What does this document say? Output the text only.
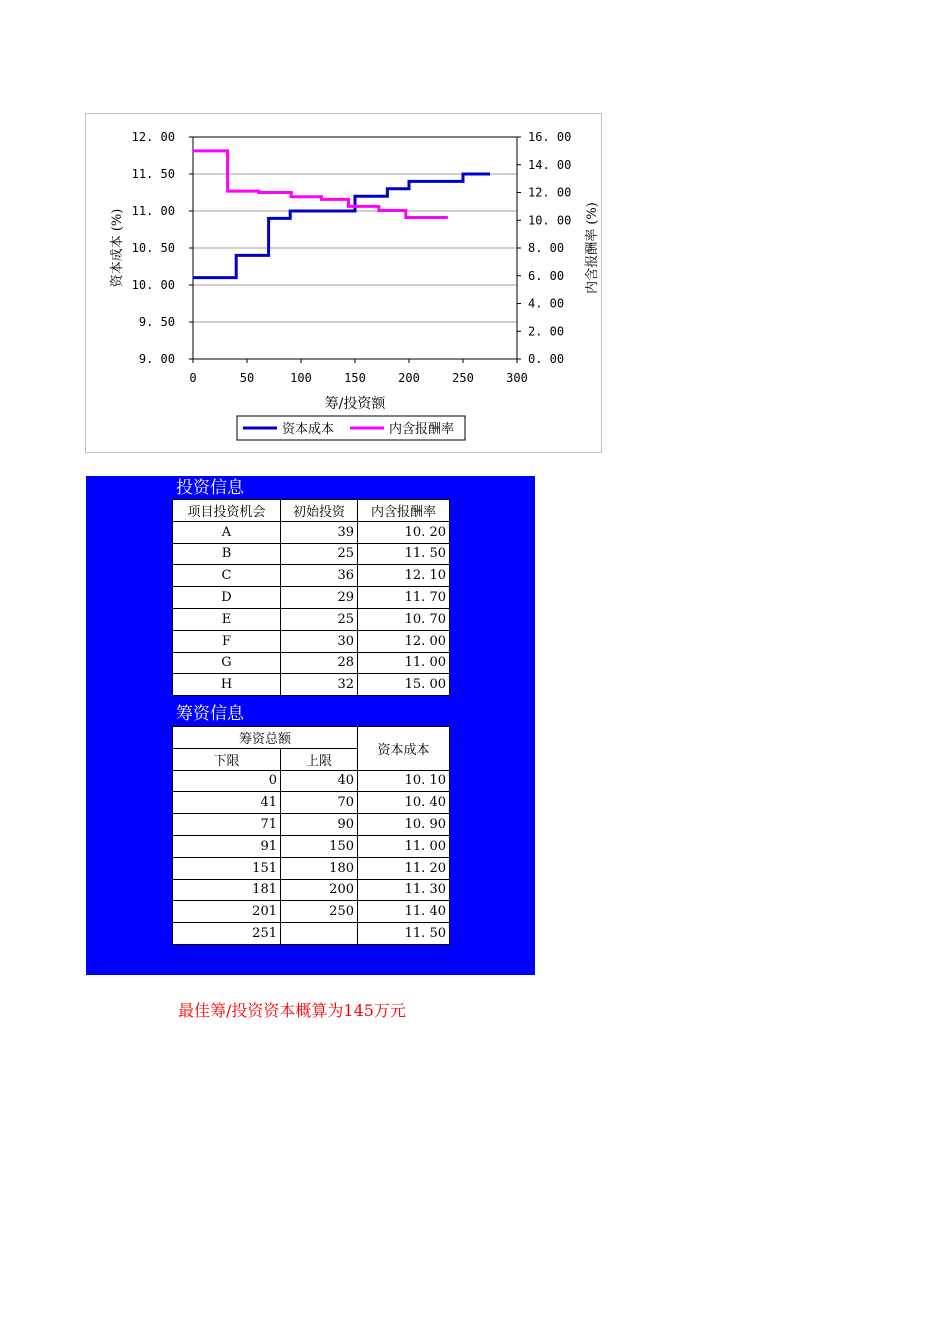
9. 00
9. 50
10. 00
10. 50
11. 00
11. 50
12. 00
0. 00
2. 00
4. 00
6. 00
8. 00
10. 00
12. 00
14. 00
16. 00
0	50	100	150	200	250	300
筹/投资额
资本成本 (%)	内含报酬率 (%)
资本成本	内含报酬率
投资信息
项目投资机会	初始投资	内含报酬率
A	39	10. 20
B	25	11. 50
C	36	12. 10
D	29	11. 70
E	25	10. 70
F	30	12. 00
G	28	11. 00
H	32	15. 00
筹资信息
筹资总额		资本成本
下限	上限	
0	40	10. 10
41	70	10. 40
71	90	10. 90
91	150	11. 00
151	180	11. 20
181	200	11. 30
201	250	11. 40
251		11. 50
最佳筹/投资资本概算为145万元
